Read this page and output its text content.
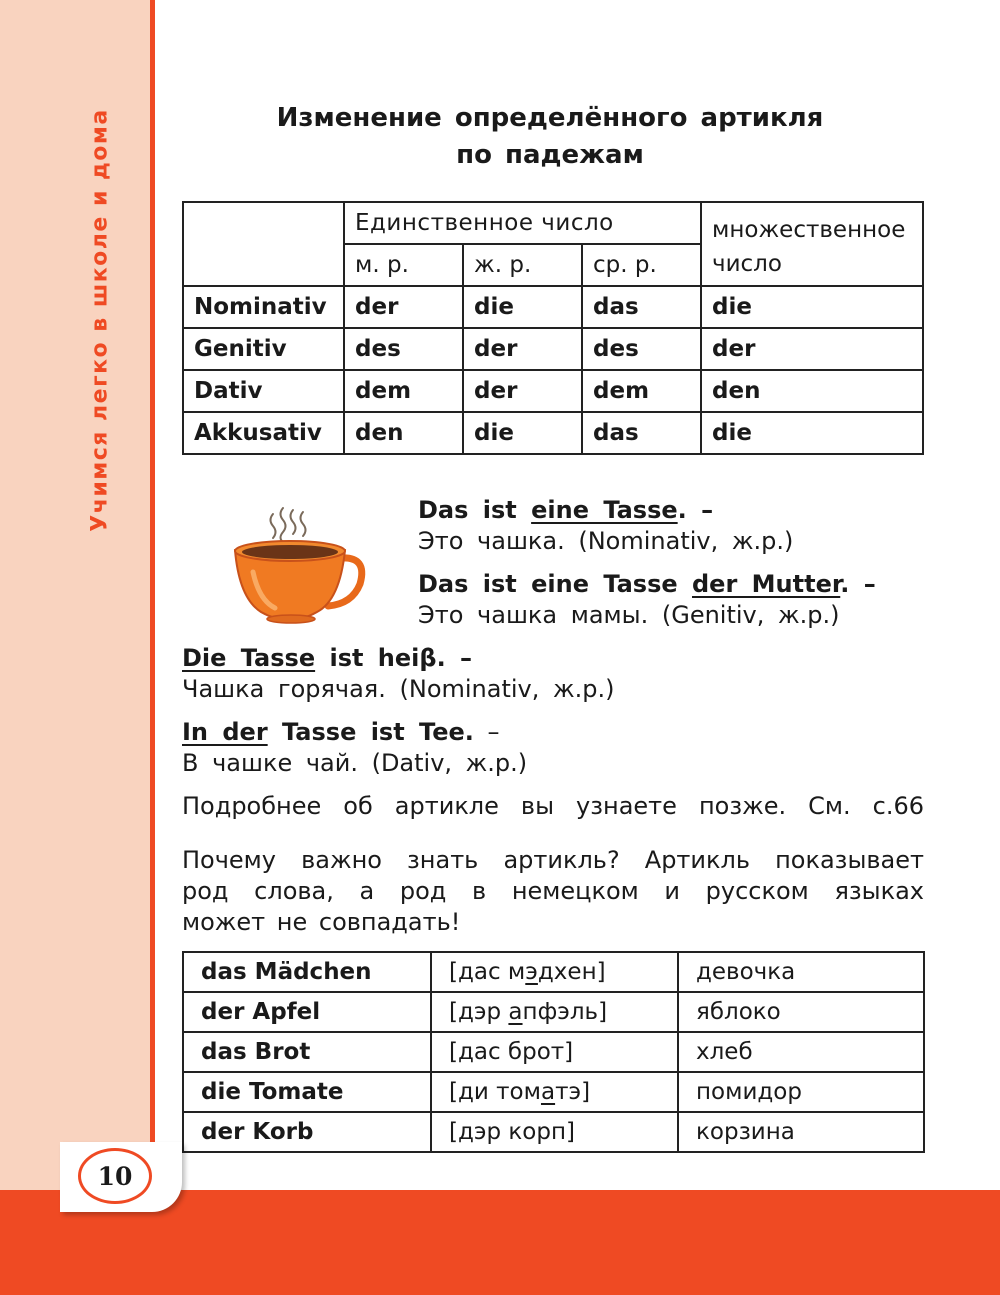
Учимся легко в школе и дома	Изменение определённого артикля
по падежам
	Единственное число			множественное число
	м. р.	ж. р.	ср. р.	
Nominativ	der	die	das	die
Genitiv	des	der	des	der
Dativ	dem	der	dem	den
Akkusativ	den	die	das	die
Das ist eine Tasse. –
Это чашка. (Nominativ, ж.р.)
Das ist eine Tasse der Mutter. –
Это чашка мамы. (Genitiv, ж.р.)
Die Tasse ist heiβ. –
Чашка горячая. (Nominativ, ж.р.)
In der Tasse ist Tee. –
В чашке чай. (Dativ, ж.р.)
Подробнее об артикле вы узнаете позже. См. с.66
Почему важно знать артикль? Артикль показывает
род слова, а род в немецком и русском языках
может не совпадать!
das Mädchen	[дас мэдхен]	девочка
der Apfel	[дэр апфэль]	яблоко
das Brot	[дас брот]	хлеб
die Tomate	[ди томатэ]	помидор
der Korb	[дэр корп]	корзина
10
